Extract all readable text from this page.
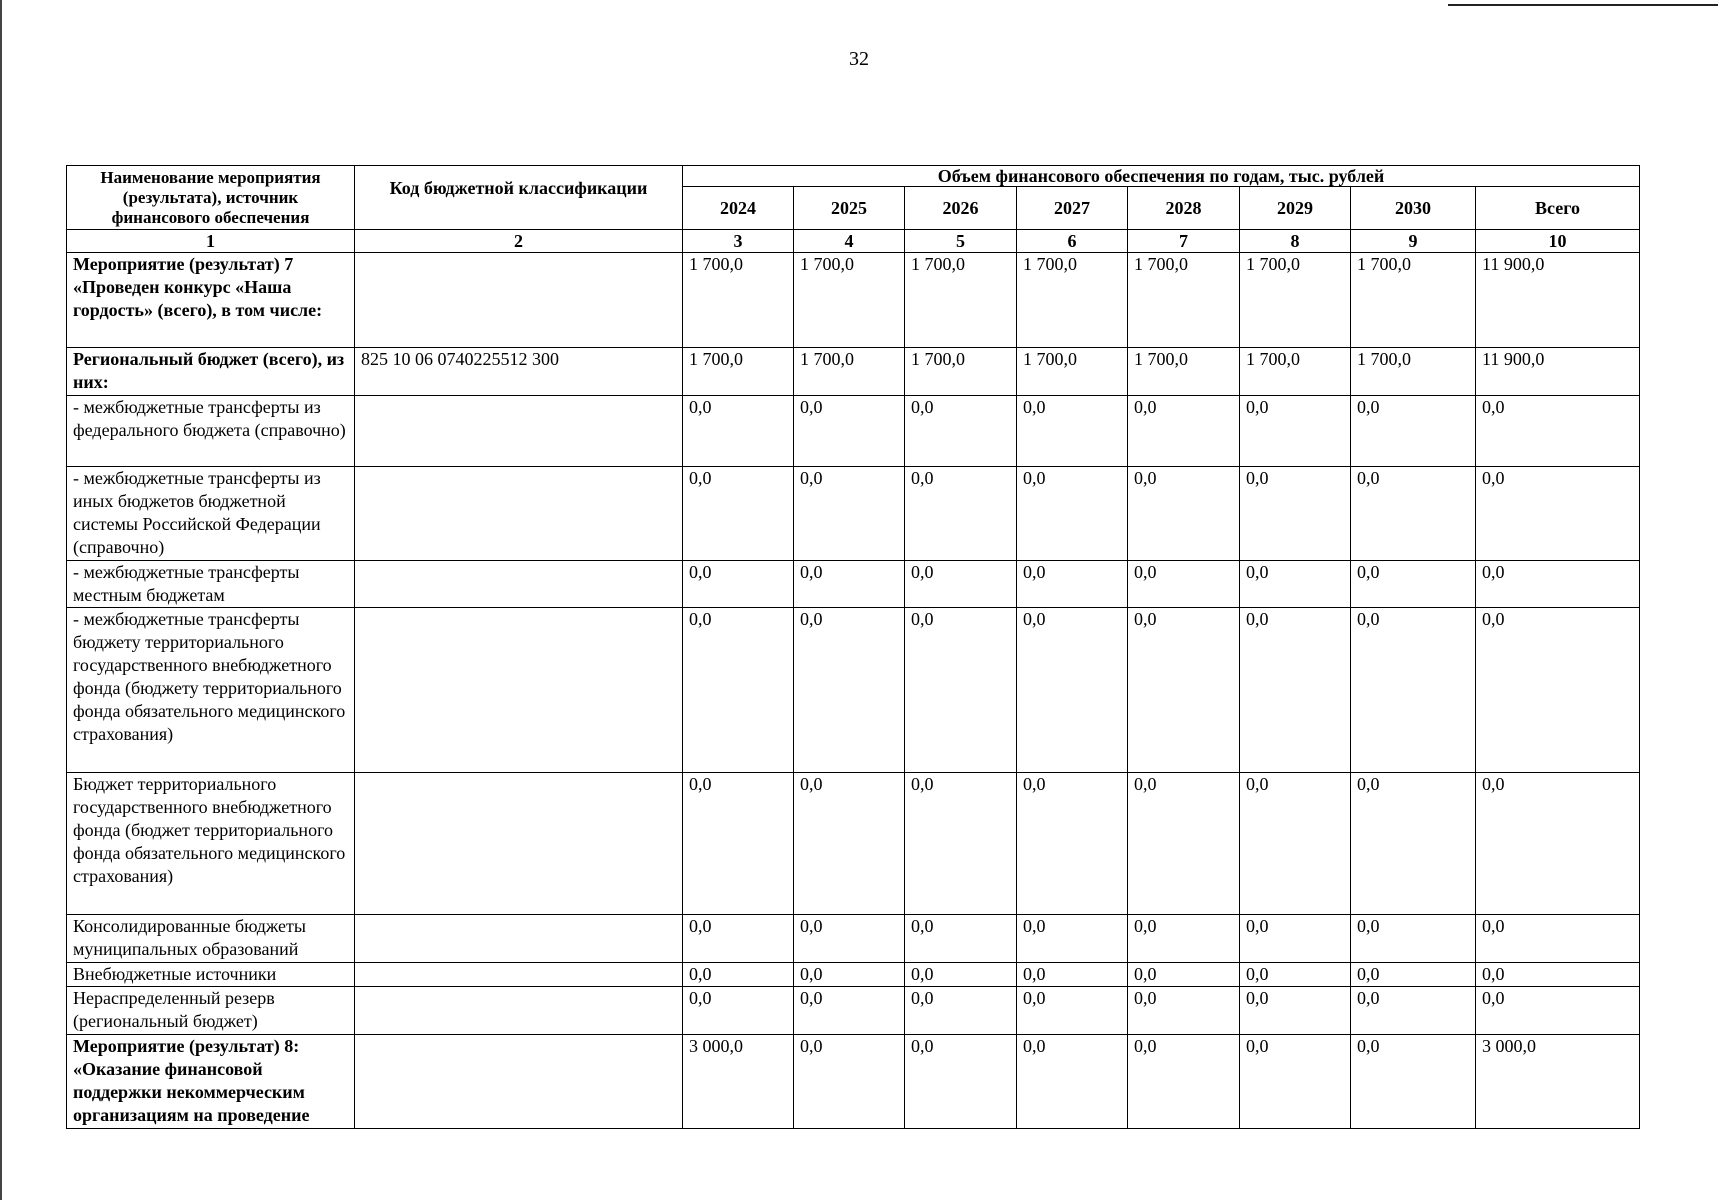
32
Наименование мероприятия (результата), источник финансового обеспечения	Код бюджетной классификации	Объем финансового обеспечения по годам, тыс. рублей							
		2024	2025	2026	2027	2028	2029	2030	Всего
1	2	3	4	5	6	7	8	9	10
Мероприятие (результат) 7 «Проведен конкурс «Наша гордость» (всего), в том числе:		1 700,0	1 700,0	1 700,0	1 700,0	1 700,0	1 700,0	1 700,0	11 900,0
Региональный бюджет (всего), из них:	825 10 06 0740225512 300	1 700,0	1 700,0	1 700,0	1 700,0	1 700,0	1 700,0	1 700,0	11 900,0
- межбюджетные трансферты из федерального бюджета (справочно)		0,0	0,0	0,0	0,0	0,0	0,0	0,0	0,0
- межбюджетные трансферты из иных бюджетов бюджетной системы Российской Федерации (справочно)		0,0	0,0	0,0	0,0	0,0	0,0	0,0	0,0
- межбюджетные трансферты местным бюджетам		0,0	0,0	0,0	0,0	0,0	0,0	0,0	0,0
- межбюджетные трансферты бюджету территориального государственного внебюджетного фонда (бюджету территориального фонда обязательного медицинского страхования)		0,0	0,0	0,0	0,0	0,0	0,0	0,0	0,0
Бюджет территориального государственного внебюджетного фонда (бюджет территориального фонда обязательного медицинского страхования)		0,0	0,0	0,0	0,0	0,0	0,0	0,0	0,0
Консолидированные бюджеты муниципальных образований		0,0	0,0	0,0	0,0	0,0	0,0	0,0	0,0
Внебюджетные источники		0,0	0,0	0,0	0,0	0,0	0,0	0,0	0,0
Нераспределенный резерв (региональный бюджет)		0,0	0,0	0,0	0,0	0,0	0,0	0,0	0,0
Мероприятие (результат) 8: «Оказание финансовой поддержки некоммерческим организациям на проведение		3 000,0	0,0	0,0	0,0	0,0	0,0	0,0	3 000,0
